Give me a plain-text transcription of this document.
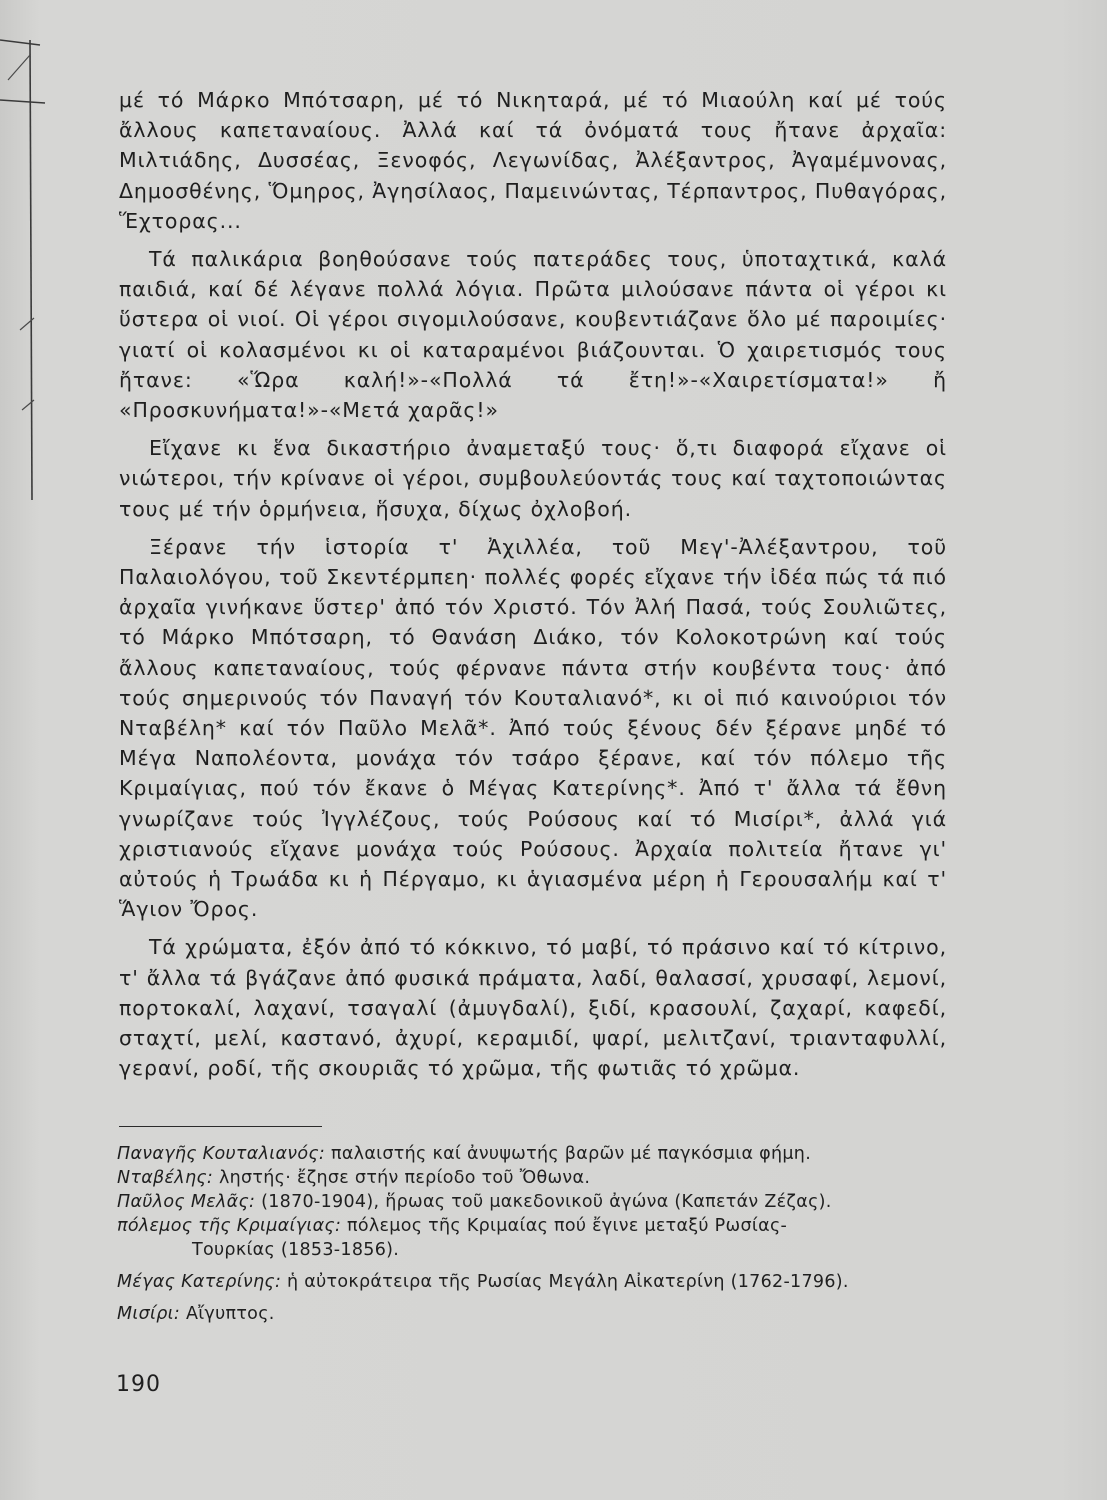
μέ τό Μάρκο Μπότσαρη, μέ τό Νικηταρά, μέ τό Μιαούλη καί μέ τούς ἄλλους καπεταναίους. Ἀλλά καί τά ὀνόματά τους ἤτανε ἀρχαῖα: Μιλτιάδης, Δυσσέας, Ξενοφός, Λεγωνίδας, Ἀλέξαντρος, Ἀγαμέμνονας, Δημοσθένης, Ὅμηρος, Ἀγησίλαος, Παμεινώντας, Τέρπαντρος, Πυθαγόρας, Ἕχτορας...

Τά παλικάρια βοηθούσανε τούς πατεράδες τους, ὑποταχτικά, καλά παιδιά, καί δέ λέγανε πολλά λόγια. Πρῶτα μιλούσανε πάντα οἱ γέροι κι ὕστερα οἱ νιοί. Οἱ γέροι σιγομιλούσανε, κουβεντιάζανε ὅλο μέ παροιμίες· γιατί οἱ κολασμένοι κι οἱ καταραμένοι βιάζουνται. Ὁ χαιρετισμός τους ἤτανε: «Ὥρα καλή!»-«Πολλά τά ἔτη!»-«Χαιρετίσματα!» ἤ «Προσκυνήματα!»-«Μετά χαρᾶς!»

Εἴχανε κι ἕνα δικαστήριο ἀναμεταξύ τους· ὅ,τι διαφορά εἴχανε οἱ νιώτεροι, τήν κρίνανε οἱ γέροι, συμβουλεύοντάς τους καί ταχτοποιώντας τους μέ τήν ὁρμήνεια, ἥσυχα, δίχως ὀχλοβοή.

Ξέρανε τήν ἱστορία τ' Ἀχιλλέα, τοῦ Μεγ'-Ἀλέξαντρου, τοῦ Παλαιολόγου, τοῦ Σκεντέρμπεη· πολλές φορές εἴχανε τήν ἰδέα πώς τά πιό ἀρχαῖα γινήκανε ὕστερ' ἀπό τόν Χριστό. Τόν Ἀλή Πασά, τούς Σουλιῶτες, τό Μάρκο Μπότσαρη, τό Θανάση Διάκο, τόν Κολοκοτρώνη καί τούς ἄλλους καπεταναίους, τούς φέρνανε πάντα στήν κουβέντα τους· ἀπό τούς σημερινούς τόν Παναγή τόν Κουταλιανό*, κι οἱ πιό καινούριοι τόν Νταβέλη* καί τόν Παῦλο Μελᾶ*. Ἀπό τούς ξένους δέν ξέρανε μηδέ τό Μέγα Ναπολέοντα, μονάχα τόν τσάρο ξέρανε, καί τόν πόλεμο τῆς Κριμαίγιας, πού τόν ἔκανε ὁ Μέγας Κατερίνης*. Ἀπό τ' ἄλλα τά ἔθνη γνωρίζανε τούς Ἰγγλέζους, τούς Ρούσους καί τό Μισίρι*, ἀλλά γιά χριστιανούς εἴχανε μονάχα τούς Ρούσους. Ἀρχαία πολιτεία ἤτανε γι' αὐτούς ἡ Τρωάδα κι ἡ Πέργαμο, κι ἁγιασμένα μέρη ἡ Γερουσαλήμ καί τ' Ἅγιον Ὄρος.

Τά χρώματα, ἐξόν ἀπό τό κόκκινο, τό μαβί, τό πράσινο καί τό κίτρινο, τ' ἄλλα τά βγάζανε ἀπό φυσικά πράματα, λαδί, θαλασσί, χρυσαφί, λεμονί, πορτοκαλί, λαχανί, τσαγαλί (ἀμυγδαλί), ξιδί, κρασουλί, ζαχαρί, καφεδί, σταχτί, μελί, καστανό, ἀχυρί, κεραμιδί, ψαρί, μελιτζανί, τριανταφυλλί, γερανί, ροδί, τῆς σκουριᾶς τό χρῶμα, τῆς φωτιᾶς τό χρῶμα.

Παναγῆς Κουταλιανός: παλαιστής καί ἀνυψωτής βαρῶν μέ παγκόσμια φήμη.

Νταβέλης: ληστής· ἔζησε στήν περίοδο τοῦ Ὄθωνα.

Παῦλος Μελᾶς: (1870-1904), ἥρωας τοῦ μακεδονικοῦ ἀγώνα (Καπετάν Ζέζας).

πόλεμος τῆς Κριμαίγιας: πόλεμος τῆς Κριμαίας πού ἔγινε μεταξύ Ρωσίας-
Τουρκίας (1853-1856).

Μέγας Κατερίνης: ἡ αὐτοκράτειρα τῆς Ρωσίας Μεγάλη Αἰκατερίνη (1762-1796).

Μισίρι: Αἴγυπτος.

190
